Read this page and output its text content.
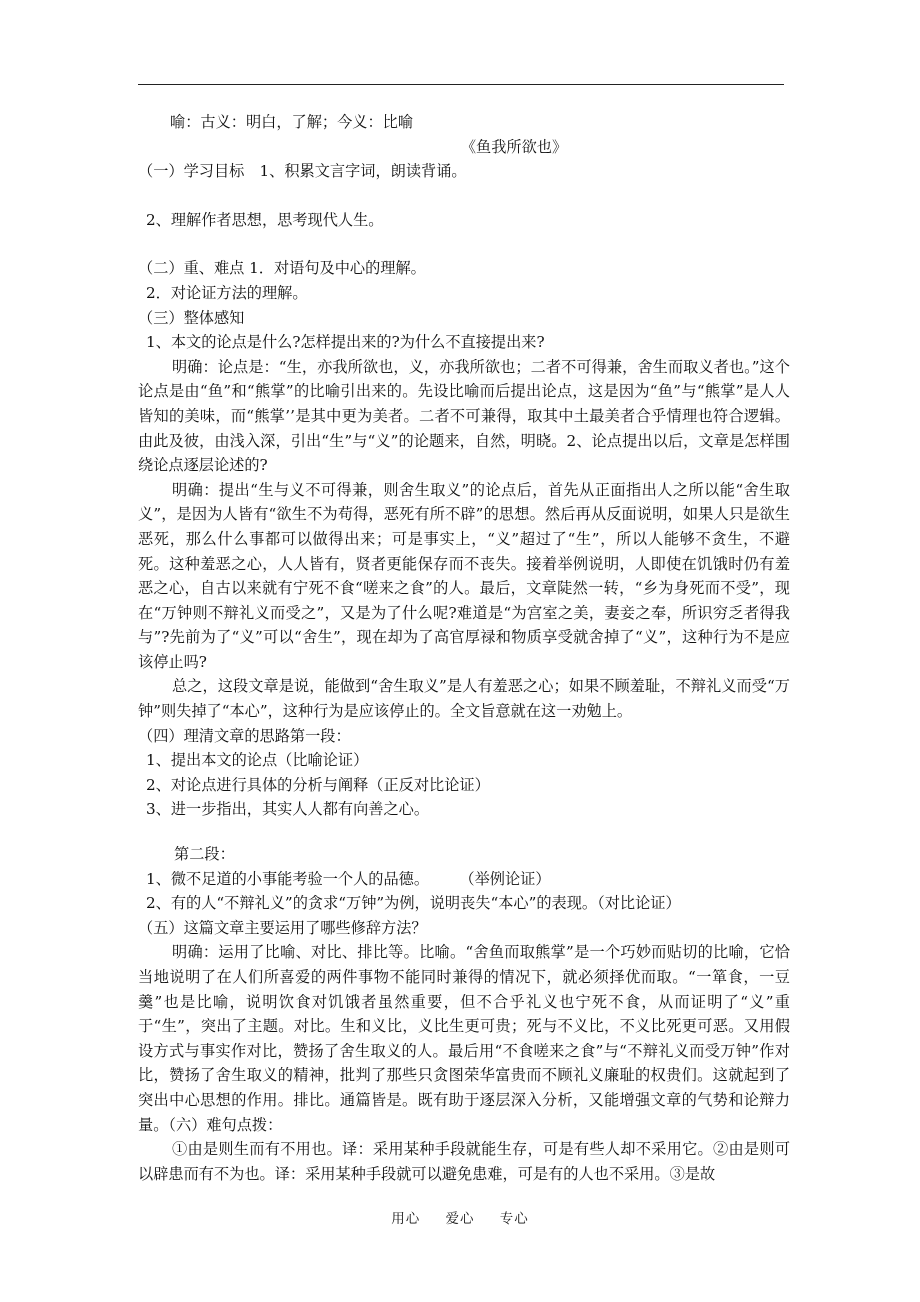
喻：古义：明白，了解；今义：比喻
《鱼我所欲也》
（一）学习目标　1、积累文言字词，朗读背诵。
2、理解作者思想，思考现代人生。
（二）重、难点 1．对语句及中心的理解。
2．对论证方法的理解。
（三）整体感知
1、本文的论点是什么?怎样提出来的?为什么不直接提出来?
明确：论点是：“生，亦我所欲也，义，亦我所欲也；二者不可得兼，舍生而取义者也。”这个论点是由“鱼”和“熊掌”的比喻引出来的。先设比喻而后提出论点，这是因为“鱼”与“熊掌”是人人皆知的美味，而“熊掌’’是其中更为美者。二者不可兼得，取其中土最美者合乎情理也符合逻辑。由此及彼，由浅入深，引出“生”与“义”的论题来，自然，明晓。2、论点提出以后，文章是怎样围绕论点逐层论述的?
明确：提出“生与义不可得兼，则舍生取义”的论点后，首先从正面指出人之所以能“舍生取义”，是因为人皆有“欲生不为苟得，恶死有所不辟”的思想。然后再从反面说明，如果人只是欲生恶死，那么什么事都可以做得出来；可是事实上，“义”超过了“生”，所以人能够不贪生，不避死。这种羞恶之心，人人皆有，贤者更能保存而不丧失。接着举例说明，人即使在饥饿时仍有羞恶之心，自古以来就有宁死不食“嗟来之食”的人。最后，文章陡然一转，“乡为身死而不受”，现在“万钟则不辩礼义而受之”，又是为了什么呢?难道是“为宫室之美，妻妾之奉，所识穷乏者得我与”?先前为了“义”可以“舍生”，现在却为了高官厚禄和物质享受就舍掉了“义”，这种行为不是应该停止吗?
总之，这段文章是说，能做到“舍生取义”是人有羞恶之心；如果不顾羞耻，不辩礼义而受“万钟”则失掉了“本心”，这种行为是应该停止的。全文旨意就在这一劝勉上。
（四）理清文章的思路第一段：
1、提出本文的论点（比喻论证）
2、对论点进行具体的分析与阐释（正反对比论证）
3、进一步指出，其实人人都有向善之心。
第二段：
1、微不足道的小事能考验一个人的品德。　　　（举例论证）
2、有的人“不辩礼义”的贪求“万钟”为例，说明丧失“本心”的表现。（对比论证）
（五）这篇文章主要运用了哪些修辞方法？
明确：运用了比喻、对比、排比等。比喻。“舍鱼而取熊掌”是一个巧妙而贴切的比喻，它恰当地说明了在人们所喜爱的两件事物不能同时兼得的情况下，就必须择优而取。“一箪食，一豆羹”也是比喻，说明饮食对饥饿者虽然重要，但不合乎礼义也宁死不食，从而证明了“义”重于“生”，突出了主题。对比。生和义比，义比生更可贵；死与不义比，不义比死更可恶。又用假设方式与事实作对比，赞扬了舍生取义的人。最后用“不食嗟来之食”与“不辩礼义而受万钟”作对比，赞扬了舍生取义的精神，批判了那些只贪图荣华富贵而不顾礼义廉耻的权贵们。这就起到了突出中心思想的作用。排比。通篇皆是。既有助于逐层深入分析，又能增强文章的气势和论辩力量。（六）难句点拨：
①由是则生而有不用也。译：采用某种手段就能生存，可是有些人却不采用它。②由是则可以辟患而有不为也。译：采用某种手段就可以避免患难，可是有的人也不采用。③是故
用心 爱心 专心
